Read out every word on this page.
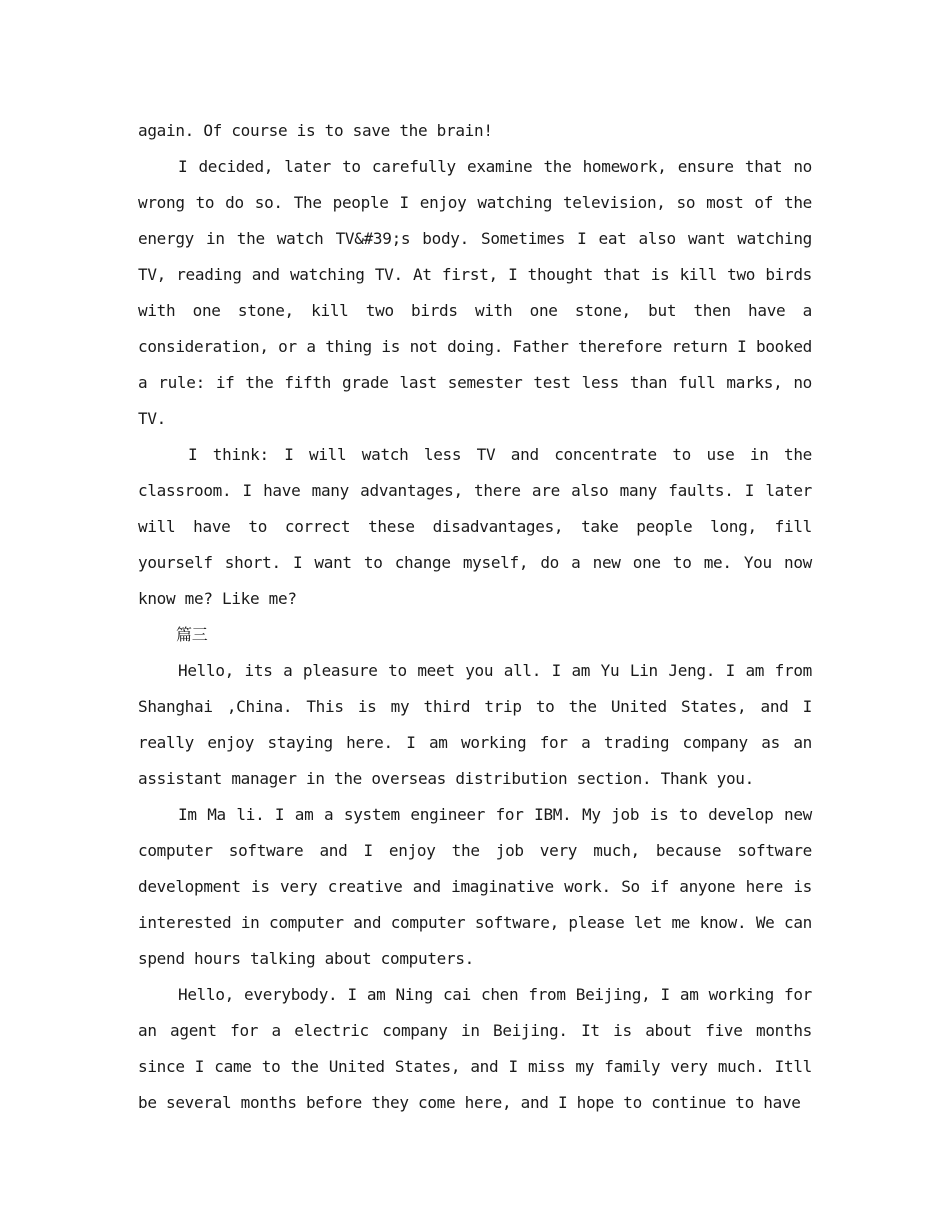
again. Of course is to save the brain!

I decided, later to carefully examine the homework, ensure that no wrong to do so. The people I enjoy watching television, so most of the energy in the watch TV&#39;s body. Sometimes I eat also want watching TV, reading and watching TV. At first, I thought that is kill two birds with one stone, kill two birds with one stone, but then have a consideration, or a thing is not doing. Father therefore return I booked a rule: if the fifth grade last semester test less than full marks, no TV.

I think: I will watch less TV and concentrate to use in the classroom. I have many advantages, there are also many faults. I later will have to correct these disadvantages, take people long, fill yourself short. I want to change myself, do a new one to me. You now know me? Like me?

篇三

Hello, its a pleasure to meet you all. I am Yu Lin Jeng. I am from Shanghai ,China. This is my third trip to the United States, and I really enjoy staying here. I am working for a trading company as an assistant manager in the overseas distribution section. Thank you.

Im Ma li. I am a system engineer for IBM. My job is to develop new computer software and I enjoy the job very much, because software development is very creative and imaginative work. So if anyone here is interested in computer and computer software, please let me know. We can spend hours talking about computers.

Hello, everybody. I am Ning cai chen from Beijing, I am working for an agent for a electric company in Beijing. It is about five months since I came to the United States, and I miss my family very much. Itll be several months before they come here, and I hope to continue to have
